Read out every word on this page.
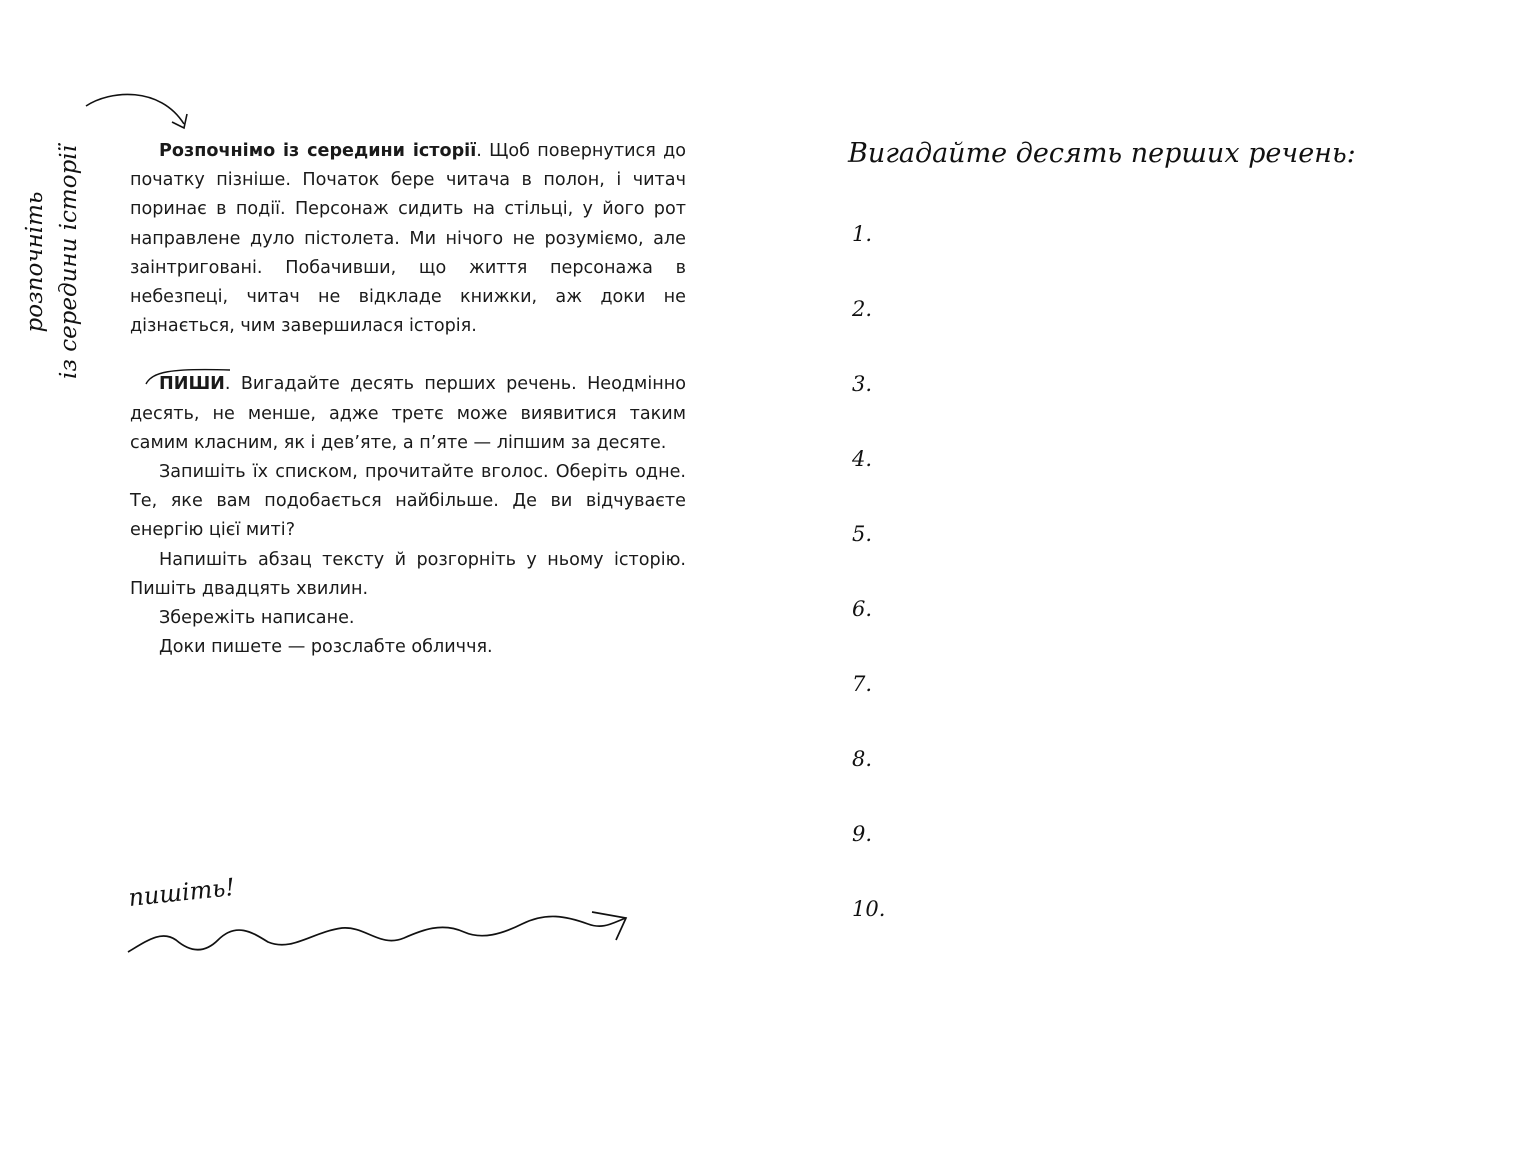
розпочніть із середини історії	Розпочнімо із середини історії. Щоб повернутися до початку пізніше. Початок бере читача в полон, і читач поринає в події. Персонаж сидить на стільці, у його рот направлене дуло пістолета. Ми нічого не розуміємо, але заінтриговані. Побачивши, що життя персонажа в небезпеці, читач не відкладе книжки, аж доки не дізнається, чим завершилася історія.

ПИШИ. Вигадайте десять перших речень. Неодмінно десять, не менше, адже третє може виявитися таким самим класним, як і дев’яте, а п’яте — ліпшим за десяте.

Запишіть їх списком, прочитайте вголос. Оберіть одне. Те, яке вам подобається найбільше. Де ви відчуваєте енергію цієї миті?

Напишіть абзац тексту й розгорніть у ньому історію. Пишіть двадцять хвилин.

Збережіть написане.

Доки пишете — розслабте обличчя.

пишіть!
Вигадайте десять перших речень:
1.
2.
3.
4.
5.
6.
7.
8.
9.
10.
